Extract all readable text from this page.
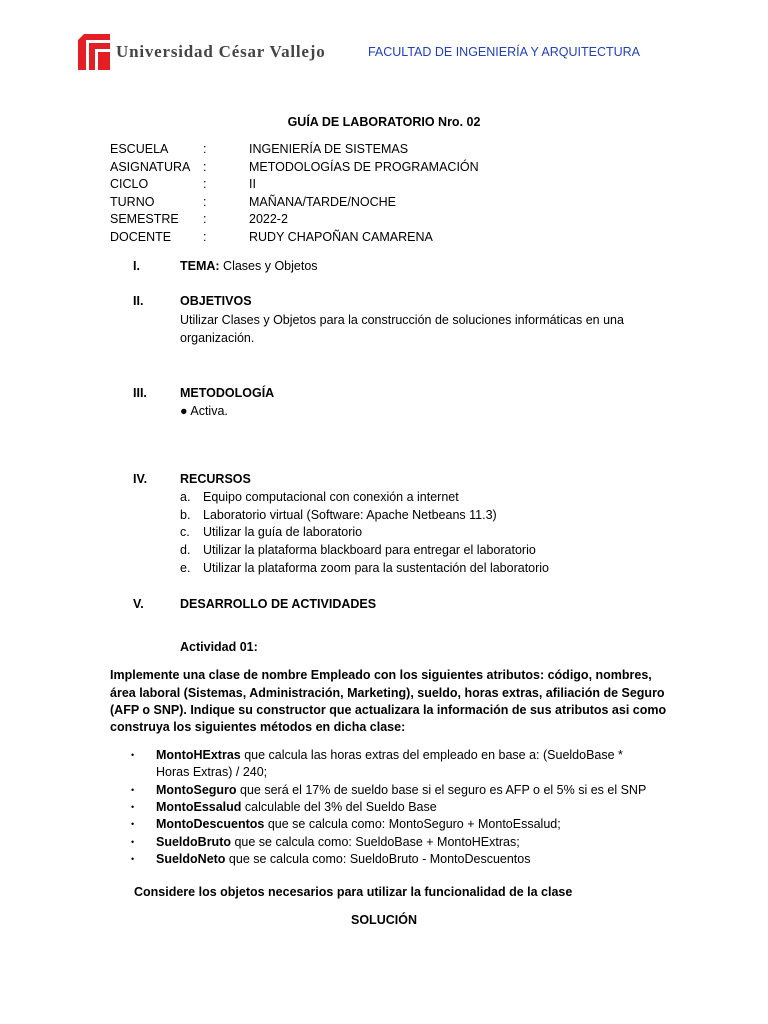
Universidad César Vallejo	FACULTAD DE INGENIERÍA Y ARQUITECTURA
GUÍA DE LABORATORIO Nro. 02
ESCUELA	:	INGENIERÍA DE SISTEMAS
ASIGNATURA :	METODOLOGÍAS DE PROGRAMACIÓN
CICLO	:	II
TURNO	:	MAÑANA/TARDE/NOCHE
SEMESTRE :	2022-2
DOCENTE	:	RUDY CHAPOÑAN CAMARENA
I.	TEMA: Clases y Objetos
II.	OBJETIVOS
Utilizar Clases y Objetos para la construcción de soluciones informáticas en una
organización.
III.	METODOLOGÍA
● Activa.
IV.	RECURSOS
a. Equipo computacional con conexión a internet
b. Laboratorio virtual (Software: Apache Netbeans 11.3)
c. Utilizar la guía de laboratorio
d. Utilizar la plataforma blackboard para entregar el laboratorio
e. Utilizar la plataforma zoom para la sustentación del laboratorio
V.	DESARROLLO DE ACTIVIDADES
Actividad 01:
Implemente una clase de nombre Empleado con los siguientes atributos: código, nombres,
área laboral (Sistemas, Administración, Marketing), sueldo, horas extras, afiliación de Seguro
(AFP o SNP). Indique su constructor que actualizara la información de sus atributos asi como
construya los siguientes métodos en dicha clase:
• MontoHExtras que calcula las horas extras del empleado en base a: (SueldoBase *
Horas Extras) / 240;
• MontoSeguro que será el 17% de sueldo base si el seguro es AFP o el 5% si es el SNP
• MontoEssalud calculable del 3% del Sueldo Base
• MontoDescuentos que se calcula como: MontoSeguro + MontoEssalud;
• SueldoBruto que se calcula como: SueldoBase + MontoHExtras;
• SueldoNeto que se calcula como: SueldoBruto - MontoDescuentos
Considere los objetos necesarios para utilizar la funcionalidad de la clase
SOLUCIÓN
